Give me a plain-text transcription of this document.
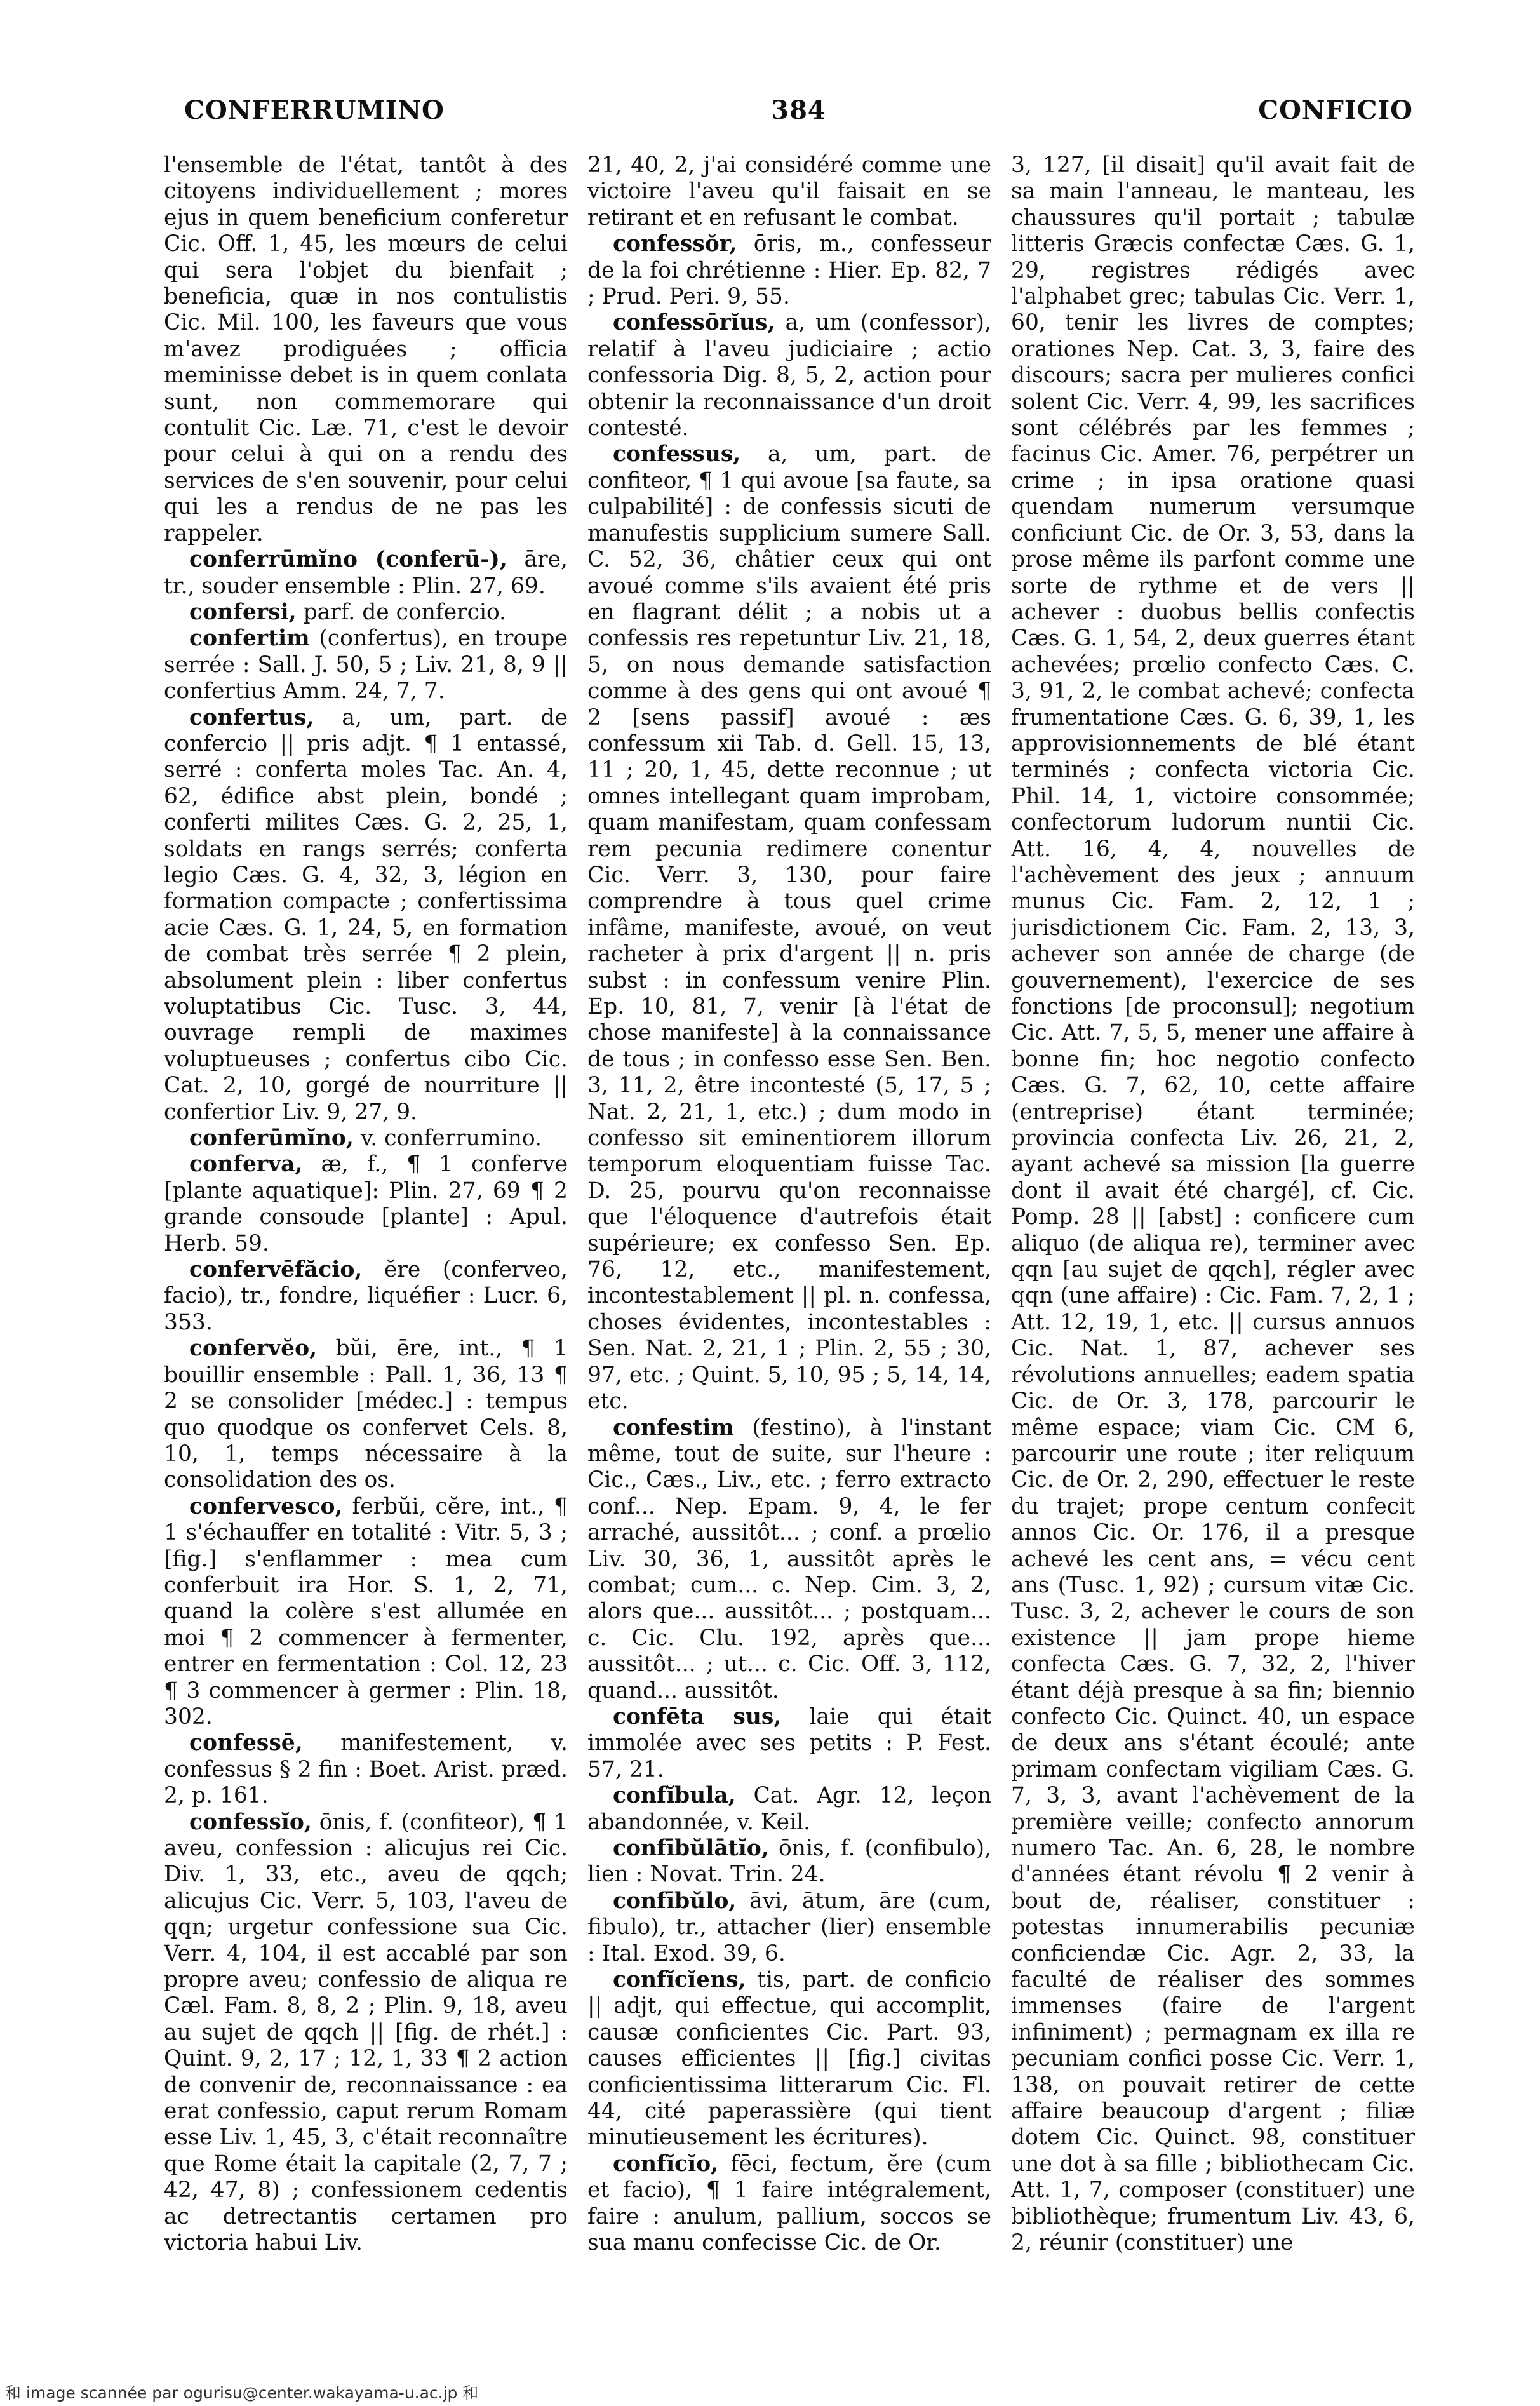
CONFERRUMINO	384	CONFICIO

l'ensemble de l'état, tantôt à des citoyens individuellement ; mores ejus in quem beneficium conferetur Cic. Off. 1, 45, les mœurs de celui qui sera l'objet du bienfait ; beneficia, quæ in nos contulistis Cic. Mil. 100, les faveurs que vous m'avez prodiguées ; officia meminisse debet is in quem conlata sunt, non commemorare qui contulit Cic. Læ. 71, c'est le devoir pour celui à qui on a rendu des services de s'en souvenir, pour celui qui les a rendus de ne pas les rappeler.

conferrūmĭno (conferū-), āre, tr., souder ensemble : Plin. 27, 69.

confersi, parf. de confercio.

confertim (confertus), en troupe serrée : Sall. J. 50, 5 ; Liv. 21, 8, 9 || confertius Amm. 24, 7, 7.

confertus, a, um, part. de confercio || pris adjt. ¶ 1 entassé, serré : conferta moles Tac. An. 4, 62, édifice abst plein, bondé ; conferti milites Cæs. G. 2, 25, 1, soldats en rangs serrés; conferta legio Cæs. G. 4, 32, 3, légion en formation compacte ; confertissima acie Cæs. G. 1, 24, 5, en formation de combat très serrée ¶ 2 plein, absolument plein : liber confertus voluptatibus Cic. Tusc. 3, 44, ouvrage rempli de maximes voluptueuses ; confertus cibo Cic. Cat. 2, 10, gorgé de nourriture || confertior Liv. 9, 27, 9.

conferūmĭno, v. conferrumino.

conferva, æ, f., ¶ 1 conferve [plante aquatique]: Plin. 27, 69 ¶ 2 grande consoude [plante] : Apul. Herb. 59.

confervēfăcio, ĕre (conferveo, facio), tr., fondre, liquéfier : Lucr. 6, 353.

confervĕo, bŭi, ēre, int., ¶ 1 bouillir ensemble : Pall. 1, 36, 13 ¶ 2 se consolider [médec.] : tempus quo quodque os confervet Cels. 8, 10, 1, temps nécessaire à la consolidation des os.

confervesco, ferbŭi, cĕre, int., ¶ 1 s'échauffer en totalité : Vitr. 5, 3 ; [fig.] s'enflammer : mea cum conferbuit ira Hor. S. 1, 2, 71, quand la colère s'est allumée en moi ¶ 2 commencer à fermenter, entrer en fermentation : Col. 12, 23 ¶ 3 commencer à germer : Plin. 18, 302.

confessē, manifestement, v. confessus § 2 fin : Boet. Arist. præd. 2, p. 161.

confessĭo, ōnis, f. (confiteor), ¶ 1 aveu, confession : alicujus rei Cic. Div. 1, 33, etc., aveu de qqch; alicujus Cic. Verr. 5, 103, l'aveu de qqn; urgetur confessione sua Cic. Verr. 4, 104, il est accablé par son propre aveu; confessio de aliqua re Cæl. Fam. 8, 8, 2 ; Plin. 9, 18, aveu au sujet de qqch || [fig. de rhét.] : Quint. 9, 2, 17 ; 12, 1, 33 ¶ 2 action de convenir de, reconnaissance : ea erat confessio, caput rerum Romam esse Liv. 1, 45, 3, c'était reconnaître que Rome était la capitale (2, 7, 7 ; 42, 47, 8) ; confessionem cedentis ac detrectantis certamen pro victoria habui Liv.

21, 40, 2, j'ai considéré comme une victoire l'aveu qu'il faisait en se retirant et en refusant le combat.

confessŏr, ōris, m., confesseur de la foi chrétienne : Hier. Ep. 82, 7 ; Prud. Peri. 9, 55.

confessōrĭus, a, um (confessor), relatif à l'aveu judiciaire ; actio confessoria Dig. 8, 5, 2, action pour obtenir la reconnaissance d'un droit contesté.

confessus, a, um, part. de confiteor, ¶ 1 qui avoue [sa faute, sa culpabilité] : de confessis sicuti de manufestis supplicium sumere Sall. C. 52, 36, châtier ceux qui ont avoué comme s'ils avaient été pris en flagrant délit ; a nobis ut a confessis res repetuntur Liv. 21, 18, 5, on nous demande satisfaction comme à des gens qui ont avoué ¶ 2 [sens passif] avoué : æs confessum xii Tab. d. Gell. 15, 13, 11 ; 20, 1, 45, dette reconnue ; ut omnes intellegant quam improbam, quam manifestam, quam confessam rem pecunia redimere conentur Cic. Verr. 3, 130, pour faire comprendre à tous quel crime infâme, manifeste, avoué, on veut racheter à prix d'argent || n. pris subst : in confessum venire Plin. Ep. 10, 81, 7, venir [à l'état de chose manifeste] à la connaissance de tous ; in confesso esse Sen. Ben. 3, 11, 2, être incontesté (5, 17, 5 ; Nat. 2, 21, 1, etc.) ; dum modo in confesso sit eminentiorem illorum temporum eloquentiam fuisse Tac. D. 25, pourvu qu'on reconnaisse que l'éloquence d'autrefois était supérieure; ex confesso Sen. Ep. 76, 12, etc., manifestement, incontestablement || pl. n. confessa, choses évidentes, incontestables : Sen. Nat. 2, 21, 1 ; Plin. 2, 55 ; 30, 97, etc. ; Quint. 5, 10, 95 ; 5, 14, 14, etc.

confestim (festino), à l'instant même, tout de suite, sur l'heure : Cic., Cæs., Liv., etc. ; ferro extracto conf... Nep. Epam. 9, 4, le fer arraché, aussitôt... ; conf. a prœlio Liv. 30, 36, 1, aussitôt après le combat; cum... c. Nep. Cim. 3, 2, alors que... aussitôt... ; postquam... c. Cic. Clu. 192, après que... aussitôt... ; ut... c. Cic. Off. 3, 112, quand... aussitôt.

confēta sus, laie qui était immolée avec ses petits : P. Fest. 57, 21.

confĭbula, Cat. Agr. 12, leçon abandonnée, v. Keil.

confībŭlātĭo, ōnis, f. (confibulo), lien : Novat. Trin. 24.

confībŭlo, āvi, ātum, āre (cum, fibulo), tr., attacher (lier) ensemble : Ital. Exod. 39, 6.

confĭcĭens, tis, part. de conficio || adjt, qui effectue, qui accomplit, causæ conficientes Cic. Part. 93, causes efficientes || [fig.] civitas conficientissima litterarum Cic. Fl. 44, cité paperassière (qui tient minutieusement les écritures).

confĭcĭo, fēci, fectum, ĕre (cum et facio), ¶ 1 faire intégralement, faire : anulum, pallium, soccos se sua manu confecisse Cic. de Or.

3, 127, [il disait] qu'il avait fait de sa main l'anneau, le manteau, les chaussures qu'il portait ; tabulæ litteris Græcis confectæ Cæs. G. 1, 29, registres rédigés avec l'alphabet grec; tabulas Cic. Verr. 1, 60, tenir les livres de comptes; orationes Nep. Cat. 3, 3, faire des discours; sacra per mulieres confici solent Cic. Verr. 4, 99, les sacrifices sont célébrés par les femmes ; facinus Cic. Amer. 76, perpétrer un crime ; in ipsa oratione quasi quendam numerum versumque conficiunt Cic. de Or. 3, 53, dans la prose même ils parfont comme une sorte de rythme et de vers || achever : duobus bellis confectis Cæs. G. 1, 54, 2, deux guerres étant achevées; prœlio confecto Cæs. C. 3, 91, 2, le combat achevé; confecta frumentatione Cæs. G. 6, 39, 1, les approvisionnements de blé étant terminés ; confecta victoria Cic. Phil. 14, 1, victoire consommée; confectorum ludorum nuntii Cic. Att. 16, 4, 4, nouvelles de l'achèvement des jeux ; annuum munus Cic. Fam. 2, 12, 1 ; jurisdictionem Cic. Fam. 2, 13, 3, achever son année de charge (de gouvernement), l'exercice de ses fonctions [de proconsul]; negotium Cic. Att. 7, 5, 5, mener une affaire à bonne fin; hoc negotio confecto Cæs. G. 7, 62, 10, cette affaire (entreprise) étant terminée; provincia confecta Liv. 26, 21, 2, ayant achevé sa mission [la guerre dont il avait été chargé], cf. Cic. Pomp. 28 || [abst] : conficere cum aliquo (de aliqua re), terminer avec qqn [au sujet de qqch], régler avec qqn (une affaire) : Cic. Fam. 7, 2, 1 ; Att. 12, 19, 1, etc. || cursus annuos Cic. Nat. 1, 87, achever ses révolutions annuelles; eadem spatia Cic. de Or. 3, 178, parcourir le même espace; viam Cic. CM 6, parcourir une route ; iter reliquum Cic. de Or. 2, 290, effectuer le reste du trajet; prope centum confecit annos Cic. Or. 176, il a presque achevé les cent ans, = vécu cent ans (Tusc. 1, 92) ; cursum vitæ Cic. Tusc. 3, 2, achever le cours de son existence || jam prope hieme confecta Cæs. G. 7, 32, 2, l'hiver étant déjà presque à sa fin; biennio confecto Cic. Quinct. 40, un espace de deux ans s'étant écoulé; ante primam confectam vigiliam Cæs. G. 7, 3, 3, avant l'achèvement de la première veille; confecto annorum numero Tac. An. 6, 28, le nombre d'années étant révolu ¶ 2 venir à bout de, réaliser, constituer : potestas innumerabilis pecuniæ conficiendæ Cic. Agr. 2, 33, la faculté de réaliser des sommes immenses (faire de l'argent infiniment) ; permagnam ex illa re pecuniam confici posse Cic. Verr. 1, 138, on pouvait retirer de cette affaire beaucoup d'argent ; filiæ dotem Cic. Quinct. 98, constituer une dot à sa fille ; bibliothecam Cic. Att. 1, 7, composer (constituer) une bibliothèque; frumentum Liv. 43, 6, 2, réunir (constituer) une

和 image scannée par ogurisu@center.wakayama-u.ac.jp 和
